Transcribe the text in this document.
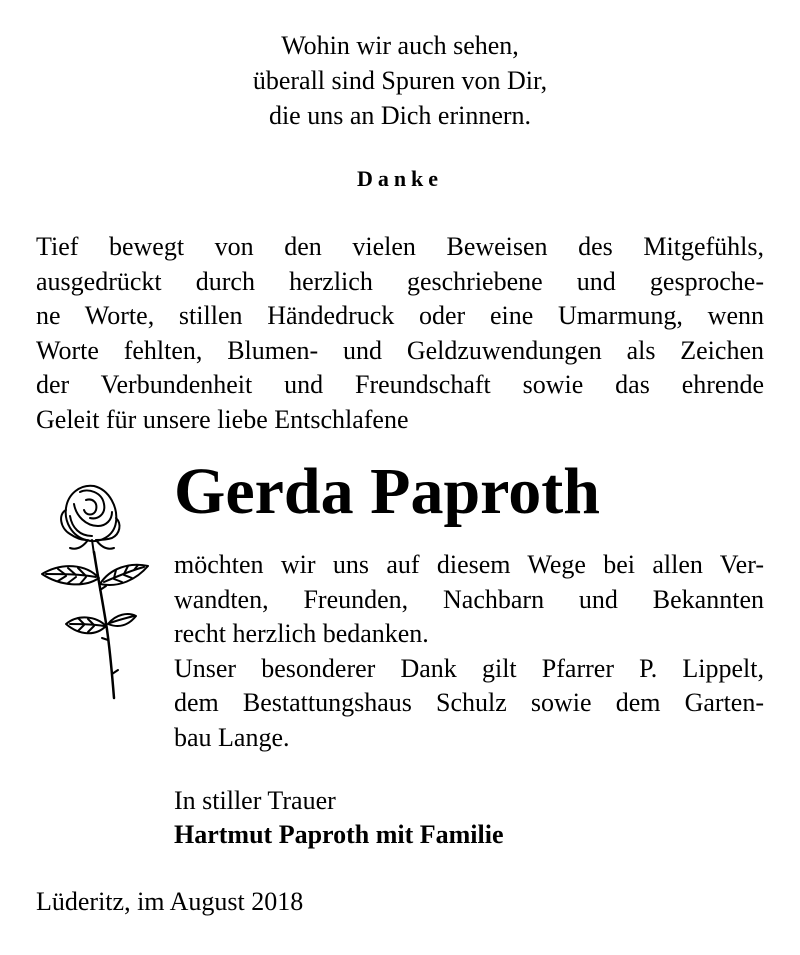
Wohin wir auch sehen,
überall sind Spuren von Dir,
die uns an Dich erinnern.
Danke
Tief bewegt von den vielen Beweisen des Mitgefühls,
ausgedrückt durch herzlich geschriebene und gesproche-
ne Worte, stillen Händedruck oder eine Umarmung, wenn
Worte fehlten, Blumen- und Geldzuwendungen als Zeichen
der Verbundenheit und Freundschaft sowie das ehrende
Geleit für unsere liebe Entschlafene
Gerda Paproth
möchten wir uns auf diesem Wege bei allen Ver-
wandten, Freunden, Nachbarn und Bekannten
recht herzlich bedanken.
Unser besonderer Dank gilt Pfarrer P. Lippelt,
dem Bestattungshaus Schulz sowie dem Garten-
bau Lange.
In stiller Trauer
Hartmut Paproth mit Familie
Lüderitz, im August 2018
